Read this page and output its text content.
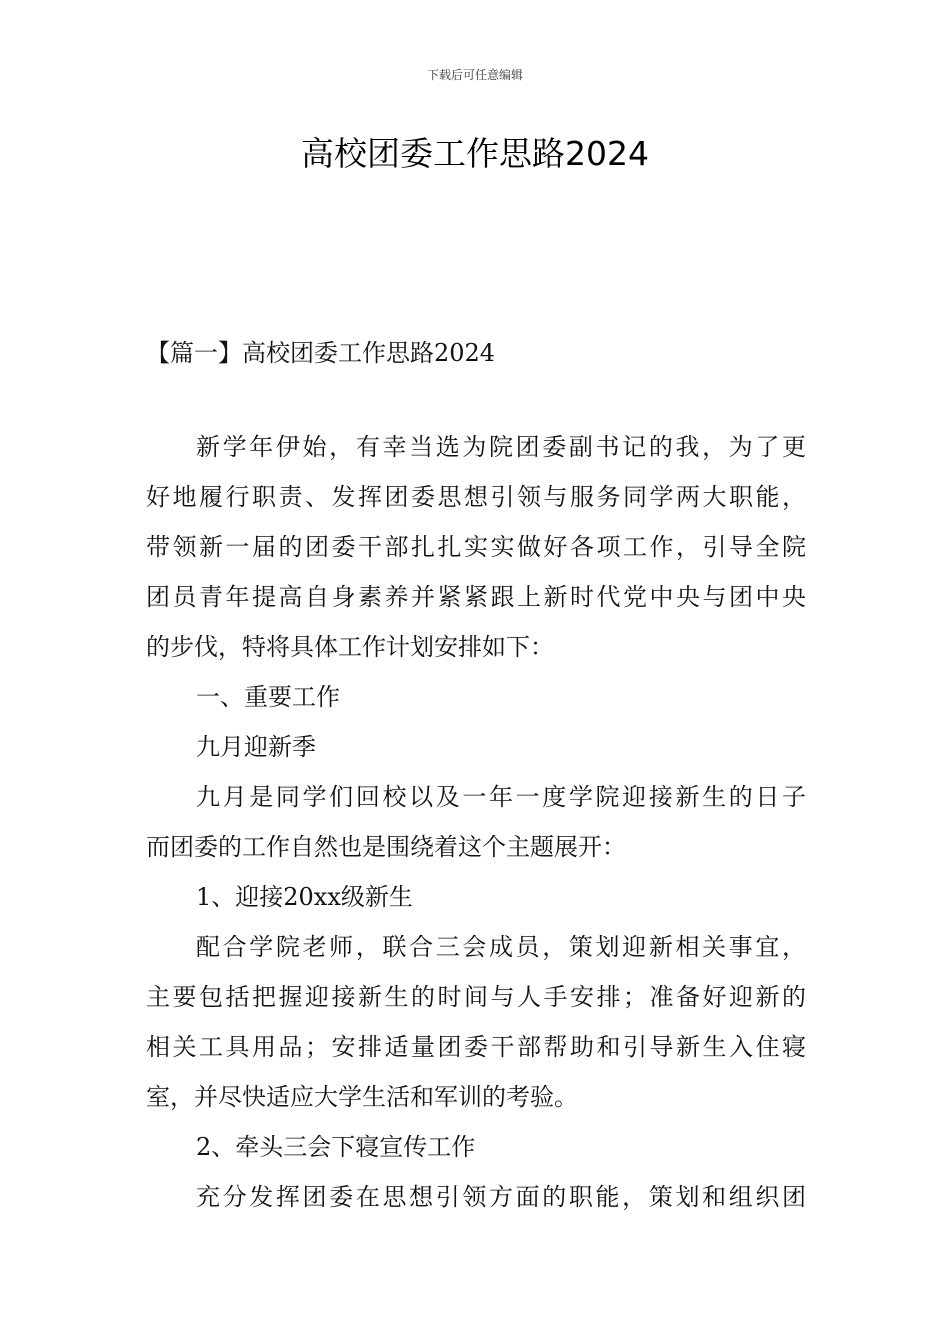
下载后可任意编辑
高校团委工作思路2024
【篇一】高校团委工作思路2024
新学年伊始，有幸当选为院团委副书记的我，为了更
好地履行职责、发挥团委思想引领与服务同学两大职能，
带领新一届的团委干部扎扎实实做好各项工作，引导全院
团员青年提高自身素养并紧紧跟上新时代党中央与团中央
的步伐，特将具体工作计划安排如下：
一、重要工作
九月迎新季
九月是同学们回校以及一年一度学院迎接新生的日子
而团委的工作自然也是围绕着这个主题展开：
1、迎接20xx级新生
配合学院老师，联合三会成员，策划迎新相关事宜，
主要包括把握迎接新生的时间与人手安排；准备好迎新的
相关工具用品；安排适量团委干部帮助和引导新生入住寝
室，并尽快适应大学生活和军训的考验。
2、牵头三会下寝宣传工作
充分发挥团委在思想引领方面的职能，策划和组织团
